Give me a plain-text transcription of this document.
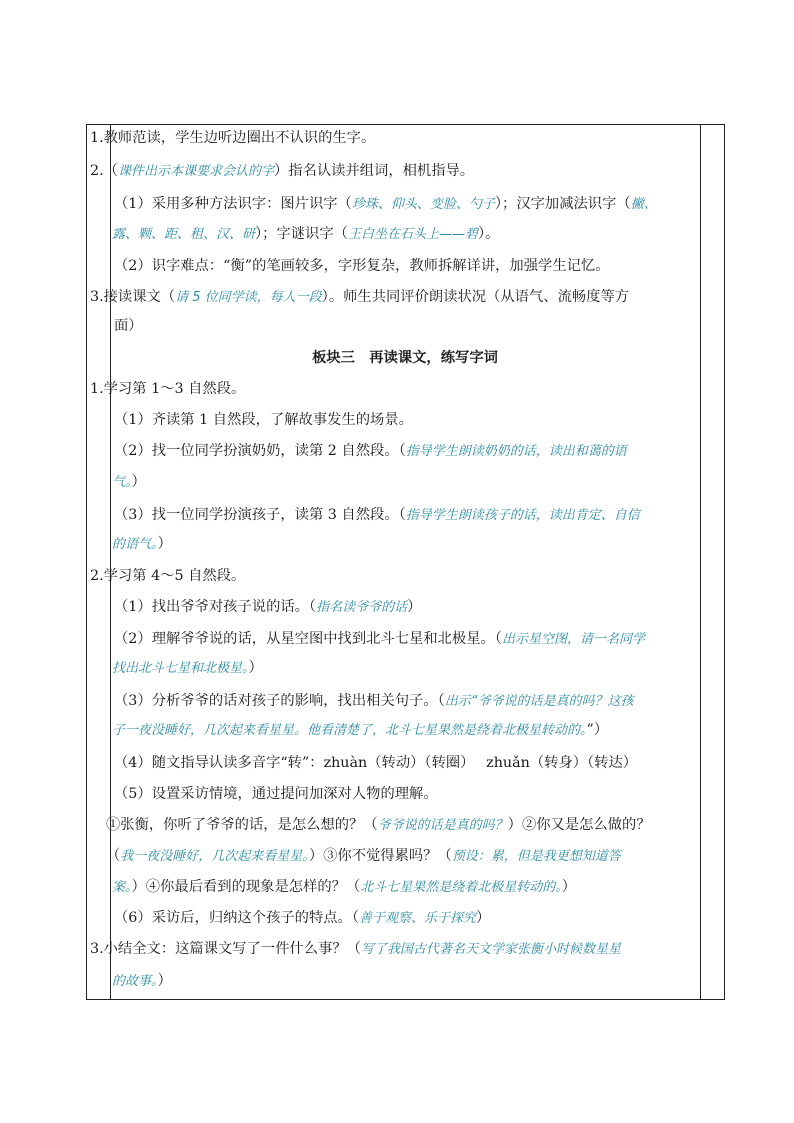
1.教师范读，学生边听边圈出不认识的生字。
2.（课件出示本课要求会认的字）指名认读并组词，相机指导。
（1）采用多种方法识字：图片识字（珍珠、仰头、变脸、勺子）；汉字加减法识字（撇、
露、颗、距、租、汉、研）；字谜识字（王白坐在石头上——碧）。
（2）识字难点：“衡”的笔画较多，字形复杂，教师拆解详讲，加强学生记忆。
3.接读课文（请 5 位同学读，每人一段）。师生共同评价朗读状况（从语气、流畅度等方
面）
板块三　再读课文，练写字词
1.学习第 1～3 自然段。
（1）齐读第 1 自然段，了解故事发生的场景。
（2）找一位同学扮演奶奶，读第 2 自然段。（指导学生朗读奶奶的话，读出和蔼的语
气。）
（3）找一位同学扮演孩子，读第 3 自然段。（指导学生朗读孩子的话，读出肯定、自信
的语气。）
2.学习第 4～5 自然段。
（1）找出爷爷对孩子说的话。（指名读爷爷的话）
（2）理解爷爷说的话，从星空图中找到北斗七星和北极星。（出示星空图，请一名同学
找出北斗七星和北极星。）
（3）分析爷爷的话对孩子的影响，找出相关句子。（出示“爷爷说的话是真的吗？这孩
子一夜没睡好，几次起来看星星。他看清楚了，北斗七星果然是绕着北极星转动的。”）
（4）随文指导认读多音字“转”：zhuàn（转动）（转圈）　 zhuǎn（转身）（转达）
（5）设置采访情境，通过提问加深对人物的理解。
①张衡，你听了爷爷的话，是怎么想的？（爷爷说的话是真的吗？）②你又是怎么做的？
（我一夜没睡好，几次起来看星星。）③你不觉得累吗？（预设：累，但是我更想知道答
案。）④你最后看到的现象是怎样的？（北斗七星果然是绕着北极星转动的。）
（6）采访后，归纳这个孩子的特点。（善于观察、乐于探究）
3.小结全文：这篇课文写了一件什么事？（写了我国古代著名天文学家张衡小时候数星星
的故事。）
